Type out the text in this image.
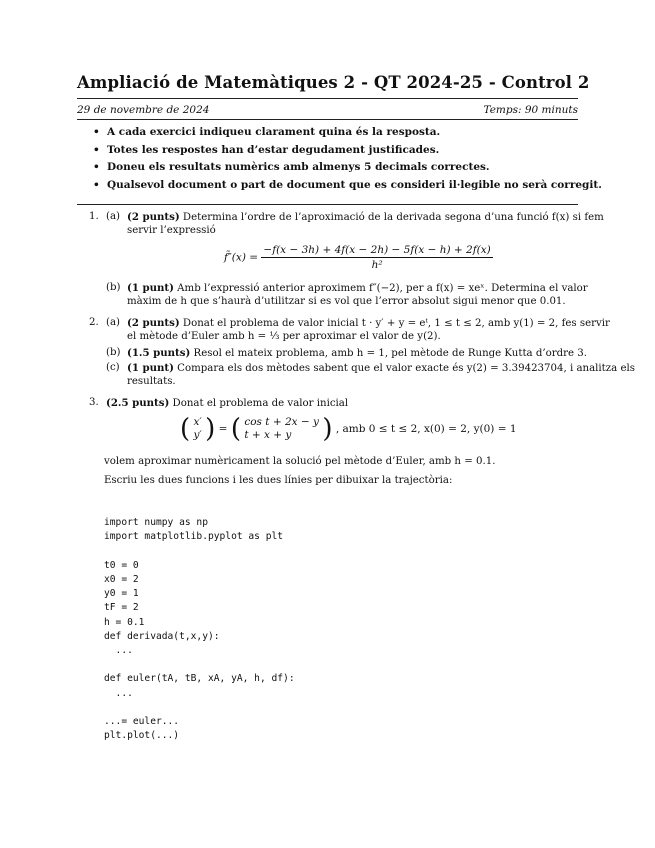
Ampliació de Matemàtiques 2 - QT 2024-25 - Control 2
29 de novembre de 2024	Temps: 90 minuts
• A cada exercici indiqueu clarament quina és la resposta.
• Totes les respostes han d’estar degudament justificades.
• Doneu els resultats numèrics amb almenys 5 decimals correctes.
• Qualsevol document o part de document que es consideri il·legible no serà corregit.
1. (a) (2 punts) Determina l’ordre de l’aproximació de la derivada segona d’una funció f(x) si fem
servir l’expressió
f̃″(x) = $\frac{-f(x - 3h) + 4f(x - 2h) - 5f(x - h) + 2f(x)}{\text{h²}}$
(b) (1 punt) Amb l’expressió anterior aproximem f″(−2), per a f(x) = xeˣ. Determina el valor
màxim de h que s’haurà d’utilitzar si es vol que l’error absolut sigui menor que 0.01.
2. (a) (2 punts) Donat el problema de valor inicial t · y′ + y = eᵗ, 1 ≤ t ≤ 2, amb y(1) = 2, fes servir
el mètode d’Euler amb h = ⅓ per aproximar el valor de y(2).
(b) (1.5 punts) Resol el mateix problema, amb h = 1, pel mètode de Runge Kutta d’ordre 3.
(c) (1 punt) Compara els dos mètodes sabent que el valor exacte és y(2) = 3.39423704, i analitza els
resultats.
3. (2.5 punts) Donat el problema de valor inicial
( x′
y′ ) = ( cos t + 2x − y
t + x + y ) , amb 0 ≤ t ≤ 2, x(0) = 2, y(0) = 1
volem aproximar numèricament la solució pel mètode d’Euler, amb h = 0.1.
Escriu les dues funcions i les dues línies per dibuixar la trajectòria:

import numpy as np
import matplotlib.pyplot as plt

t0 = 0
x0 = 2
y0 = 1
tF = 2
h = 0.1
def derivada(t,x,y):
...

def euler(tA, tB, xA, yA, h, df):
...

...= euler...
plt.plot(...)
